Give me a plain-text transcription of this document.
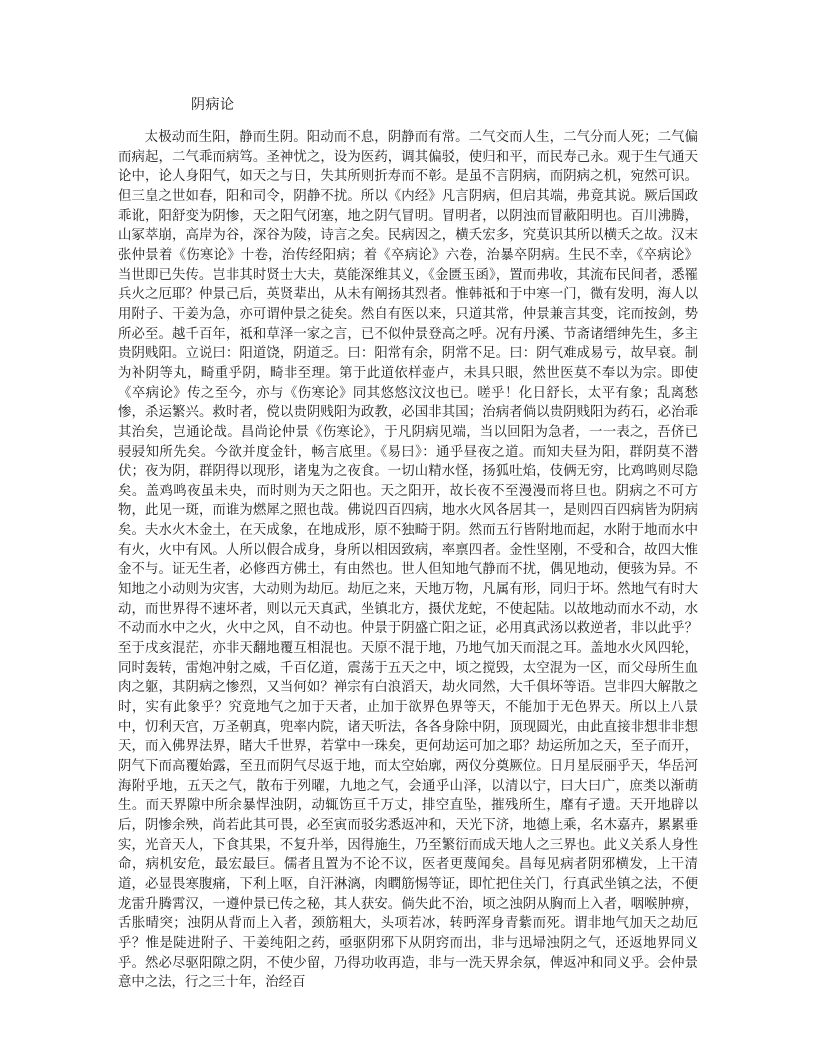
阴病论

太极动而生阳，静而生阴。阳动而不息，阴静而有常。二气交而人生，二气分而人死；二气偏而病起，二气乖而病笃。圣神忧之，设为医药，调其偏驳，使归和平，而民寿己永。观于生气通天论中，论人身阳气，如天之与日，失其所则折寿而不彰。是虽不言阴病，而阴病之机，宛然可识。但三皇之世如春，阳和司令，阴静不扰。所以《内经》凡言阴病，但启其端，弗竟其说。厥后国政乖讹，阳舒变为阴惨，天之阳气闭塞，地之阴气冒明。冒明者，以阴浊而冒蔽阳明也。百川沸腾，山冢萃崩，高岸为谷，深谷为陵，诗言之矣。民病因之，横夭宏多，究莫识其所以横夭之故。汉末张仲景着《伤寒论》十卷，治传经阳病；着《卒病论》六卷，治暴卒阴病。生民不幸，《卒病论》当世即已失传。岂非其时贤士大夫，莫能深维其义，《金匮玉函》，置而弗收，其流布民间者，悉罹兵火之厄耶？仲景己后，英贤辈出，从未有阐扬其烈者。惟韩祗和于中寒一门，微有发明，海人以用附子、干姜为急，亦可谓仲景之徒矣。然自有医以来，只道其常，仲景兼言其变，诧而按剑，势所必至。越千百年，祗和草泽一家之言，已不似仲景登高之呼。况有丹溪、节斋诸缙绅先生，多主贵阴贱阳。立说曰：阳道饶，阴道乏。曰：阳常有余，阴常不足。曰：阴气难成易亏，故早衰。制为补阴等丸，畸重乎阴，畸非至理。第于此道依样壶卢，未具只眼，然世医莫不奉以为宗。即使《卒病论》传之至今，亦与《伤寒论》同其悠悠汶汶也已。嗟乎！化日舒长，太平有象；乱离愁惨，杀运繁兴。救时者，傥以贵阴贱阳为政教，必国非其国；治病者倘以贵阴贱阳为药石，必治乖其治矣，岂通论哉。昌尚论仲景《伤寒论》，于凡阴病见端，当以回阳为急者，一一表之，吾侪已骎骎知所先矣。今欲并度金针，畅言底里。《易曰》：通乎昼夜之道。而知夫昼为阳，群阴莫不潜伏；夜为阴，群阴得以现形，诸鬼为之夜食。一切山精水怪，扬狐吐焰，伎俩无穷，比鸡鸣则尽隐矣。盖鸡鸣夜虽未央，而时则为天之阳也。天之阳开，故长夜不至漫漫而将旦也。阴病之不可方物，此见一斑，而谁为燃犀之照也哉。佛说四百四病，地水火风各居其一，是则四百四病皆为阴病矣。夫水火木金土，在天成象，在地成形，原不独畸于阴。然而五行皆附地而起，水附于地而水中有火，火中有风。人所以假合成身，身所以相因致病，率禀四者。金性坚刚，不受和合，故四大惟金不与。证无生者，必修西方佛土，有由然也。世人但知地气静而不扰，偶见地动，便骇为异。不知地之小动则为灾害，大动则为劫厄。劫厄之来，天地万物，凡属有形，同归于坏。然地气有时大动，而世界得不速坏者，则以元天真武，坐镇北方，摄伏龙蛇，不使起陆。以故地动而水不动，水不动而水中之火，火中之风，自不动也。仲景于阴盛亡阳之证，必用真武汤以救逆者，非以此乎？至于戌亥混茫，亦非天翻地覆互相混也。天原不混于地，乃地气加天而混之耳。盖地水火风四轮，同时轰转，雷炮冲射之威，千百亿道，震荡于五天之中，顷之搅毁，太空混为一区，而父母所生血肉之躯，其阴病之惨烈，又当何如？禅宗有白浪滔天，劫火同然，大千俱坏等语。岂非四大解散之时，实有此象乎？究竟地气之加于天者，止加于欲界色界等天，不能加于无色界天。所以上八景中，忉利天宫，万圣朝真，兜率内院，诸天听法，各各身除中阴，顶现圆光，由此直接非想非非想天，而入佛界法界，睹大千世界，若掌中一珠矣，更何劫运可加之耶？劫运所加之天，至子而开，阴气下而高覆始露，至丑而阴气尽返于地，而太空始廓，两仪分奠厥位。日月星辰丽乎天，华岳河海附乎地，五天之气，散布于列曜，九地之气，会通乎山泽，以清以宁，曰大曰广，庶类以渐萌生。而天界隙中所余暴悍浊阴，动辄饬亘千万丈，排空直坠，摧残所生，靡有孑遗。天开地辟以后，阴惨余殃，尚若此其可畏，必至寅而驳劣悉返冲和，天光下济，地德上乘，名木嘉卉，累累垂实，光音天人，下食其果，不复升举，因得施生，乃至繁衍而成天地人之三界也。此义关系人身性命，病机安危，最宏最巨。儒者且置为不论不议，医者更蔑闻矣。昌每见病者阴邪横发，上干清道，必显畏寒腹痛，下利上呕，自汗淋漓，肉瞤筋惕等证，即忙把住关门，行真武坐镇之法，不便龙雷升腾霄汉，一遵仲景已传之秘，其人获安。倘失此不治，顷之浊阴从胸而上入者，咽喉肿痹，舌胀晴突；浊阴从背而上入者，颈筋粗大，头项若冰，转眄浑身青紫而死。谓非地气加天之劫厄乎？惟是陡进附子、干姜纯阳之药，亟驱阴邪下从阴窍而出，非与迅埽浊阴之气，还返地界同义乎。然必尽驱阳隙之阴，不使少留，乃得功收再造，非与一洗天界余氛，俾返冲和同义乎。会仲景意中之法，行之三十年，治经百
